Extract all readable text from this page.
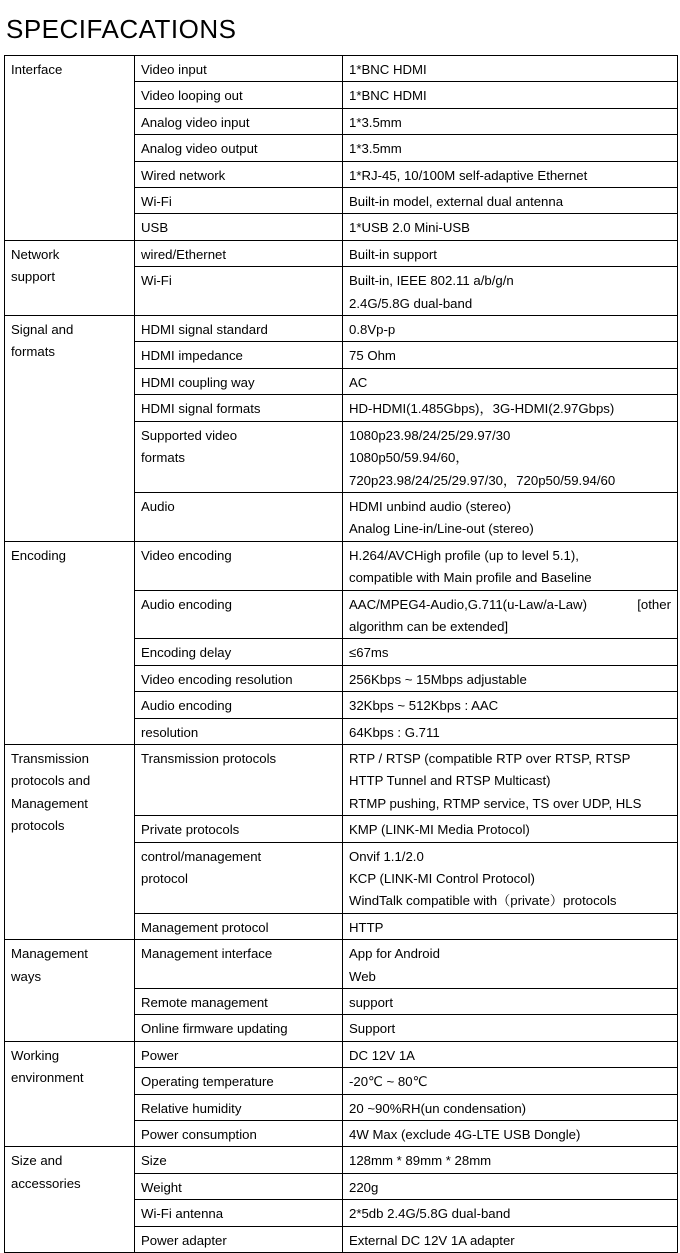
SPECIFACATIONS
Interface	Video input	1*BNC HDMI

	Video looping out	1*BNC HDMI

	Analog video input	1*3.5mm

	Analog video output	1*3.5mm

	Wired network	1*RJ-45, 10/100M self-adaptive Ethernet

	Wi-Fi	Built-in model, external dual antenna

	USB	1*USB 2.0 Mini-USB

Network
support	wired/Ethernet	Built-in support

	Wi-Fi	Built-in, IEEE 802.11 a/b/g/n
2.4G/5.8G dual-band

Signal and
formats	HDMI signal standard	0.8Vp-p

	HDMI impedance	75 Ohm

	HDMI coupling way	AC

	HDMI signal formats	HD-HDMI(1.485Gbps)，3G-HDMI(2.97Gbps)

	Supported video
formats	1080p23.98/24/25/29.97/30
1080p50/59.94/60，
720p23.98/24/25/29.97/30，720p50/59.94/60

	Audio	HDMI unbind audio (stereo)
Analog Line-in/Line-out (stereo)

Encoding	Video encoding	H.264/AVCHigh profile (up to level 5.1),
compatible with Main profile and Baseline

	Audio encoding	AAC/MPEG4-Audio,G.711(u-Law/a-Law) [other
algorithm can be extended]

	Encoding delay	≤67ms

	Video encoding resolution	256Kbps ~ 15Mbps adjustable

	Audio encoding	32Kbps ~ 512Kbps : AAC

	resolution	64Kbps : G.711

Transmission
protocols and
Management
protocols	Transmission protocols	RTP / RTSP (compatible RTP over RTSP, RTSP
HTTP Tunnel and RTSP Multicast)
RTMP pushing, RTMP service, TS over UDP, HLS

	Private protocols	KMP (LINK-MI Media Protocol)

	control/management
protocol	Onvif 1.1/2.0
KCP (LINK-MI Control Protocol)
WindTalk compatible with（private）protocols

	Management protocol	HTTP

Management
ways	Management interface	App for Android
Web

	Remote management	support

	Online firmware updating	Support

Working
environment	Power	DC 12V 1A

	Operating temperature	-20℃ ~ 80℃

	Relative humidity	20 ~90%RH(un condensation)

	Power consumption	4W Max (exclude 4G-LTE USB Dongle)

Size and
accessories	Size	128mm * 89mm * 28mm

	Weight	220g

	Wi-Fi antenna	2*5db 2.4G/5.8G dual-band

	Power adapter	External DC 12V 1A adapter
